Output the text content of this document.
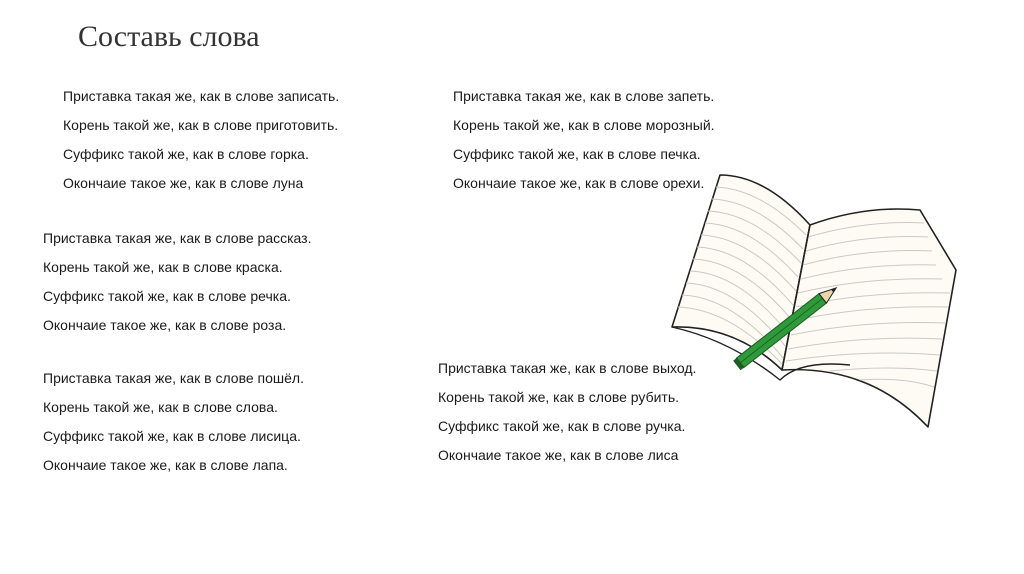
Составь слова
Приставка такая же, как в слове записать.
Корень такой же, как в слове приготовить.
Суффикс такой же, как в слове горка.
Окончаие такое же, как в слове луна
Приставка такая же, как в слове запеть.
Корень такой же, как в слове морозный.
Суффикс такой же, как в слове печка.
Окончаие такое же, как в слове орехи.
Приставка такая же, как в слове рассказ.
Корень такой же, как в слове краска.
Суффикс такой же, как в слове речка.
Окончаие такое же, как в слове роза.
Приставка такая же, как в слове пошёл.
Корень такой же, как в слове слова.
Суффикс такой же, как в слове лисица.
Окончаие такое же, как в слове лапа.
Приставка такая же, как в слове выход.
Корень такой же, как в слове рубить.
Суффикс такой же, как в слове ручка.
Окончаие такое же, как в слове лиса
